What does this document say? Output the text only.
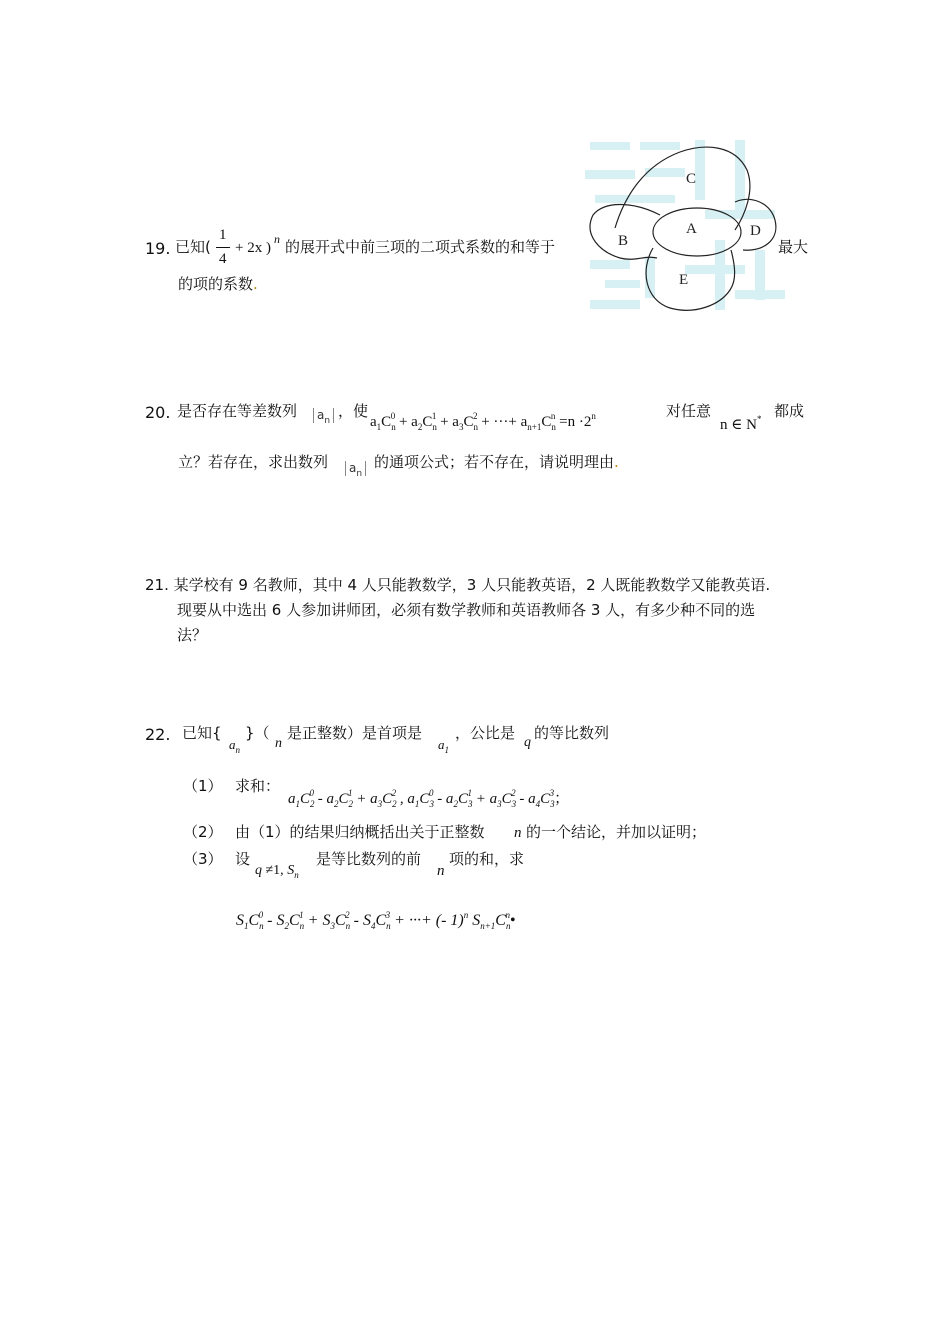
19. 已知(
1
4
+ 2x )
n 的展开式中前三项的二项式系数的和等于	最大
的项的系数.
C
A
B
D
E
20. 是否存在等差数列	$a_n$
，使
$a_1C_n^0 + a_2C_n^1 + a_3C_n^2$ + ···+ $a_{n+1}C_n^n =n \cdot 2^n$	对任意
n ∈ N* 都成
立？若存在，求出数列	$a_n$
的通项公式；若不存在，请说明理由.
21. 某学校有 9 名教师，其中 4 人只能教数学，3 人只能教英语，2 人既能教数学又能教英语.
现要从中选出 6 人参加讲师团，必须有数学教师和英语教师各 3 人，有多少种不同的选
法？
22. 已知{
$a_n$
}（
n
是正整数）是首项是
$a_1$
，公比是
q
的等比数列
（1） 求和：
$a_1C_2^0 - a_2C_2^1 + a_3C_2^2$ , $a_1C_3^0 - a_2C_3^1 + a_3C_3^2 - a_4C_3^3$；
（2） 由（1）的结果归纳概括出关于正整数 n 的一个结论，并加以证明；
（3） 设
q ≠1, $S_n$
是等比数列的前
n
项的和，求
$S_1C_n^0 - S_2C_n^1 + S_3C_n^2 - S_4C_n^3$ + ···+ (- 1)$^n$ $S_{n+1}C_n^n•$
